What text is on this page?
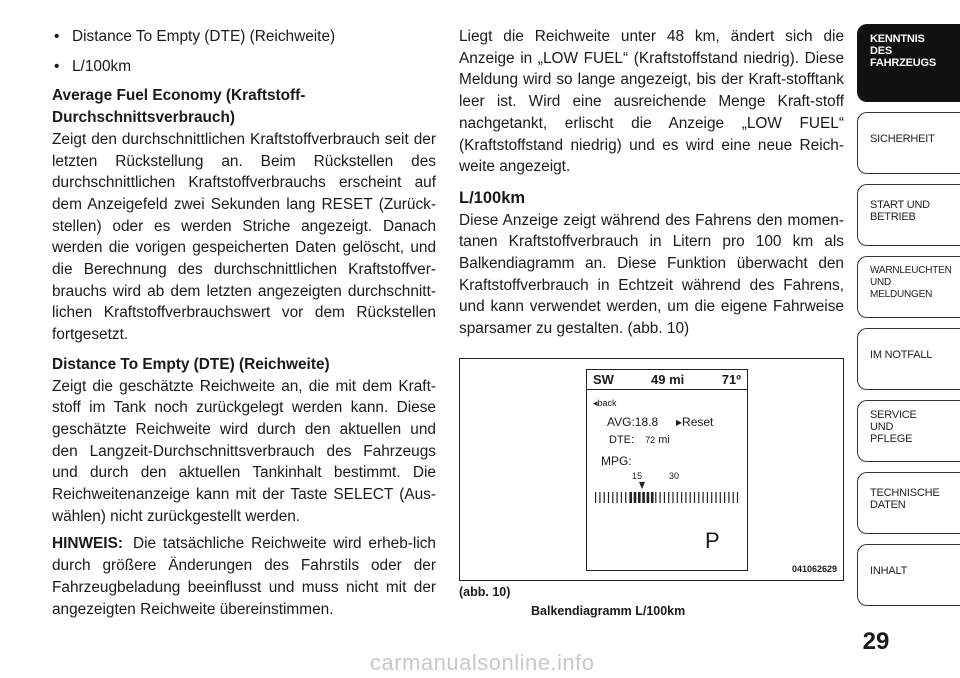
• Distance To Empty (DTE) (Reichweite)
• L/100km
Average Fuel Economy (Kraftstoff-Durchschnittsverbrauch)

Zeigt den durchschnittlichen Kraftstoffverbrauch seit der letzten Rückstellung an. Beim Rückstellen des durchschnittlichen Kraftstoffverbrauchs erscheint auf dem Anzeigefeld zwei Sekunden lang RESET (Zurück-stellen) oder es werden Striche angezeigt. Danach werden die vorigen gespeicherten Daten gelöscht, und die Berechnung des durchschnittlichen Kraftstoffver-brauchs wird ab dem letzten angezeigten durchschnitt-lichen Kraftstoffverbrauchswert vor dem Rückstellen fortgesetzt.

Distance To Empty (DTE) (Reichweite)

Zeigt die geschätzte Reichweite an, die mit dem Kraft-stoff im Tank noch zurückgelegt werden kann. Diese geschätzte Reichweite wird durch den aktuellen und den Langzeit-Durchschnittsverbrauch des Fahrzeugs und durch den aktuellen Tankinhalt bestimmt. Die Reichweitenanzeige kann mit der Taste SELECT (Aus-wählen) nicht zurückgestellt werden.

HINWEIS: Die tatsächliche Reichweite wird erheb-lich durch größere Änderungen des Fahrstils oder der Fahrzeugbeladung beeinflusst und muss nicht mit der angezeigten Reichweite übereinstimmen.

Liegt die Reichweite unter 48 km, ändert sich die Anzeige in „LOW FUEL“ (Kraftstoffstand niedrig). Diese Meldung wird so lange angezeigt, bis der Kraft-stofftank leer ist. Wird eine ausreichende Menge Kraft-stoff nachgetankt, erlischt die Anzeige „LOW FUEL“ (Kraftstoffstand niedrig) und es wird eine neue Reich-weite angezeigt.

L/100km

Diese Anzeige zeigt während des Fahrens den momen-tanen Kraftstoffverbrauch in Litern pro 100 km als Balkendiagramm an. Diese Funktion überwacht den Kraftstoffverbrauch in Echtzeit während des Fahrens, und kann verwendet werden, um die eigene Fahrweise sparsamer zu gestalten. (abb. 10)

SW	49 mi	71º
◂back
AVG:18.8 ▸Reset
DTE: 72 mi
MPG:
15	30
P
041062629
(abb. 10)
Balkendiagramm L/100km
KENNTNIS
DES
FAHRZEUGS
SICHERHEIT
START UND
BETRIEB
WARNLEUCHTEN
UND
MELDUNGEN
IM NOTFALL
SERVICE
UND
PFLEGE
TECHNISCHE
DATEN
INHALT
29
carmanualsonline.info
